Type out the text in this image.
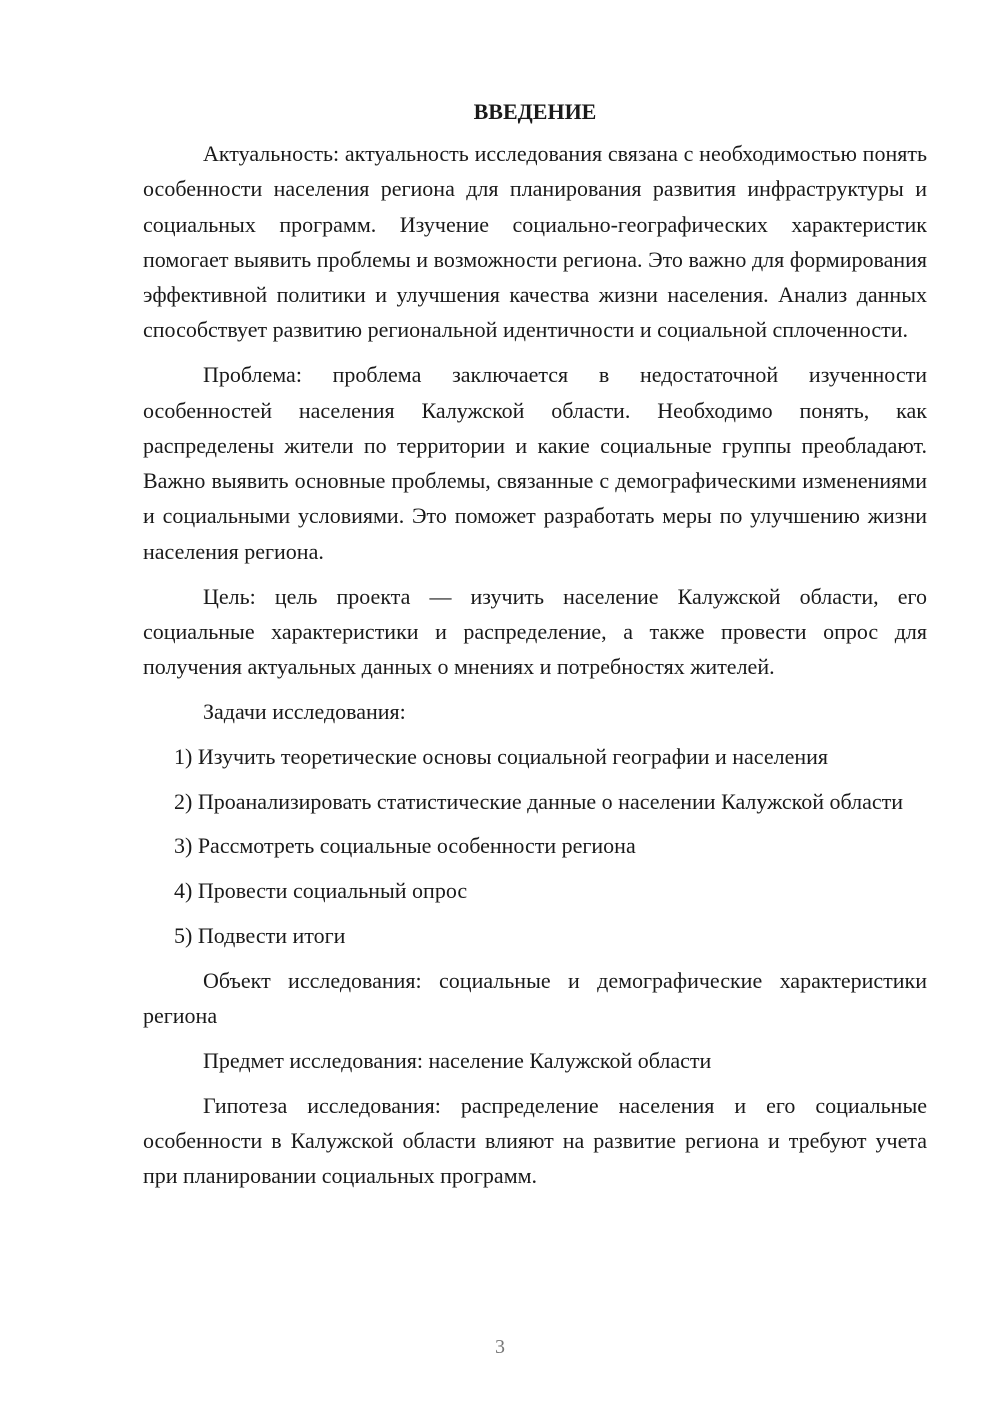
ВВЕДЕНИЕ

Актуальность: актуальность исследования связана с необходимостью понять особенности населения региона для планирования развития инфраструктуры и социальных программ. Изучение социально-географических характеристик помогает выявить проблемы и возможности региона. Это важно для формирования эффективной политики и улучшения качества жизни населения. Анализ данных способствует развитию региональной идентичности и социальной сплоченности.

Проблема: проблема заключается в недостаточной изученности особенностей населения Калужской области. Необходимо понять, как распределены жители по территории и какие социальные группы преобладают. Важно выявить основные проблемы, связанные с демографическими изменениями и социальными условиями. Это поможет разработать меры по улучшению жизни населения региона.

Цель: цель проекта — изучить население Калужской области, его социальные характеристики и распределение, а также провести опрос для получения актуальных данных о мнениях и потребностях жителей.

Задачи исследования:

1) Изучить теоретические основы социальной географии и населения

2) Проанализировать статистические данные о населении Калужской области

3) Рассмотреть социальные особенности региона

4) Провести социальный опрос

5) Подвести итоги

Объект исследования: социальные и демографические характеристики региона

Предмет исследования: население Калужской области

Гипотеза исследования: распределение населения и его социальные особенности в Калужской области влияют на развитие региона и требуют учета при планировании социальных программ.

3
